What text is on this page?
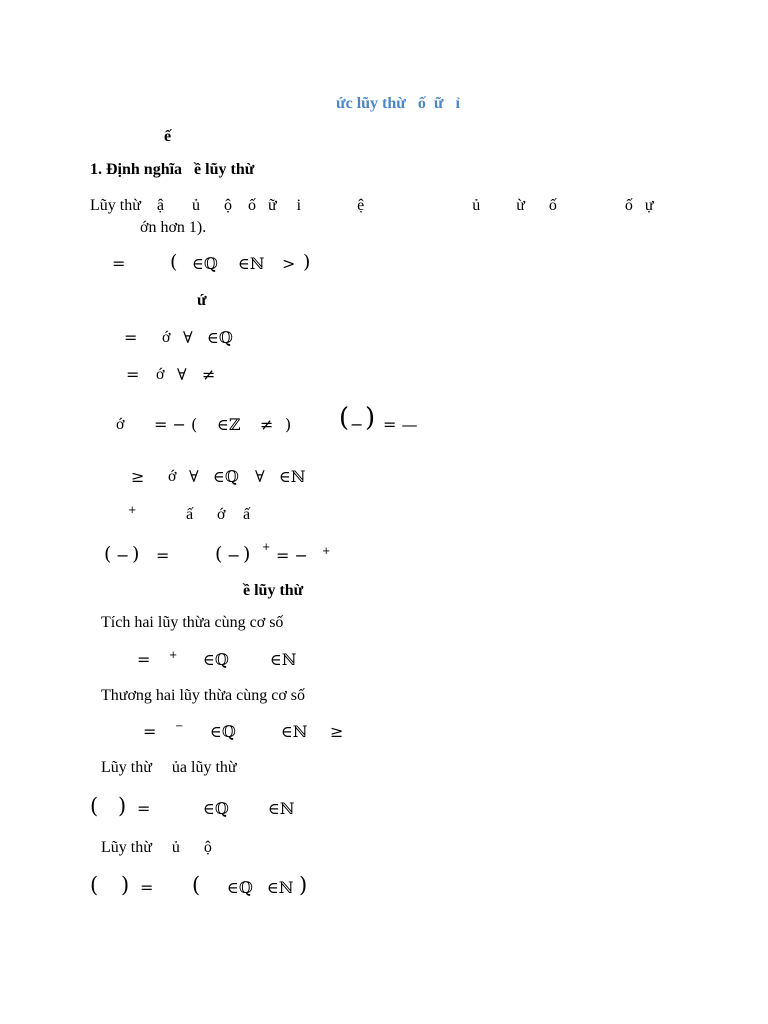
ức lũy thừ   ố  ữ   ỉ
ế
1. Định nghĩa   ề lũy thừ
Lũy thừ    ậ       ủ      ộ    ố   ữ     i              ệ                           ủ         ừ      ố                 ố   ự
ớn hơn 1).
= ( ∈ℚ ∈ℕ > )
ứ
= ớ ∀ ∈ℚ
= ớ ∀ ≠
ớ = − ( ∈ℤ ≠ ) ( − ) = —
≥ ớ ∀ ∈ℚ ∀ ∈ℕ
+	ấ ớ ấ
( − ) = ( − ) + = − +
ề lũy thừ
Tích hai lũy thừa cùng cơ số
= + ∈ℚ	∈ℕ
Thương hai lũy thừa cùng cơ số
= − ∈ℚ	∈ℕ ≥
Lũy thừ     ủa lũy thừ
( ) =	∈ℚ ∈ℕ
Lũy thừ     ủ      ộ
( ) = ( ∈ℚ ∈ℕ )
